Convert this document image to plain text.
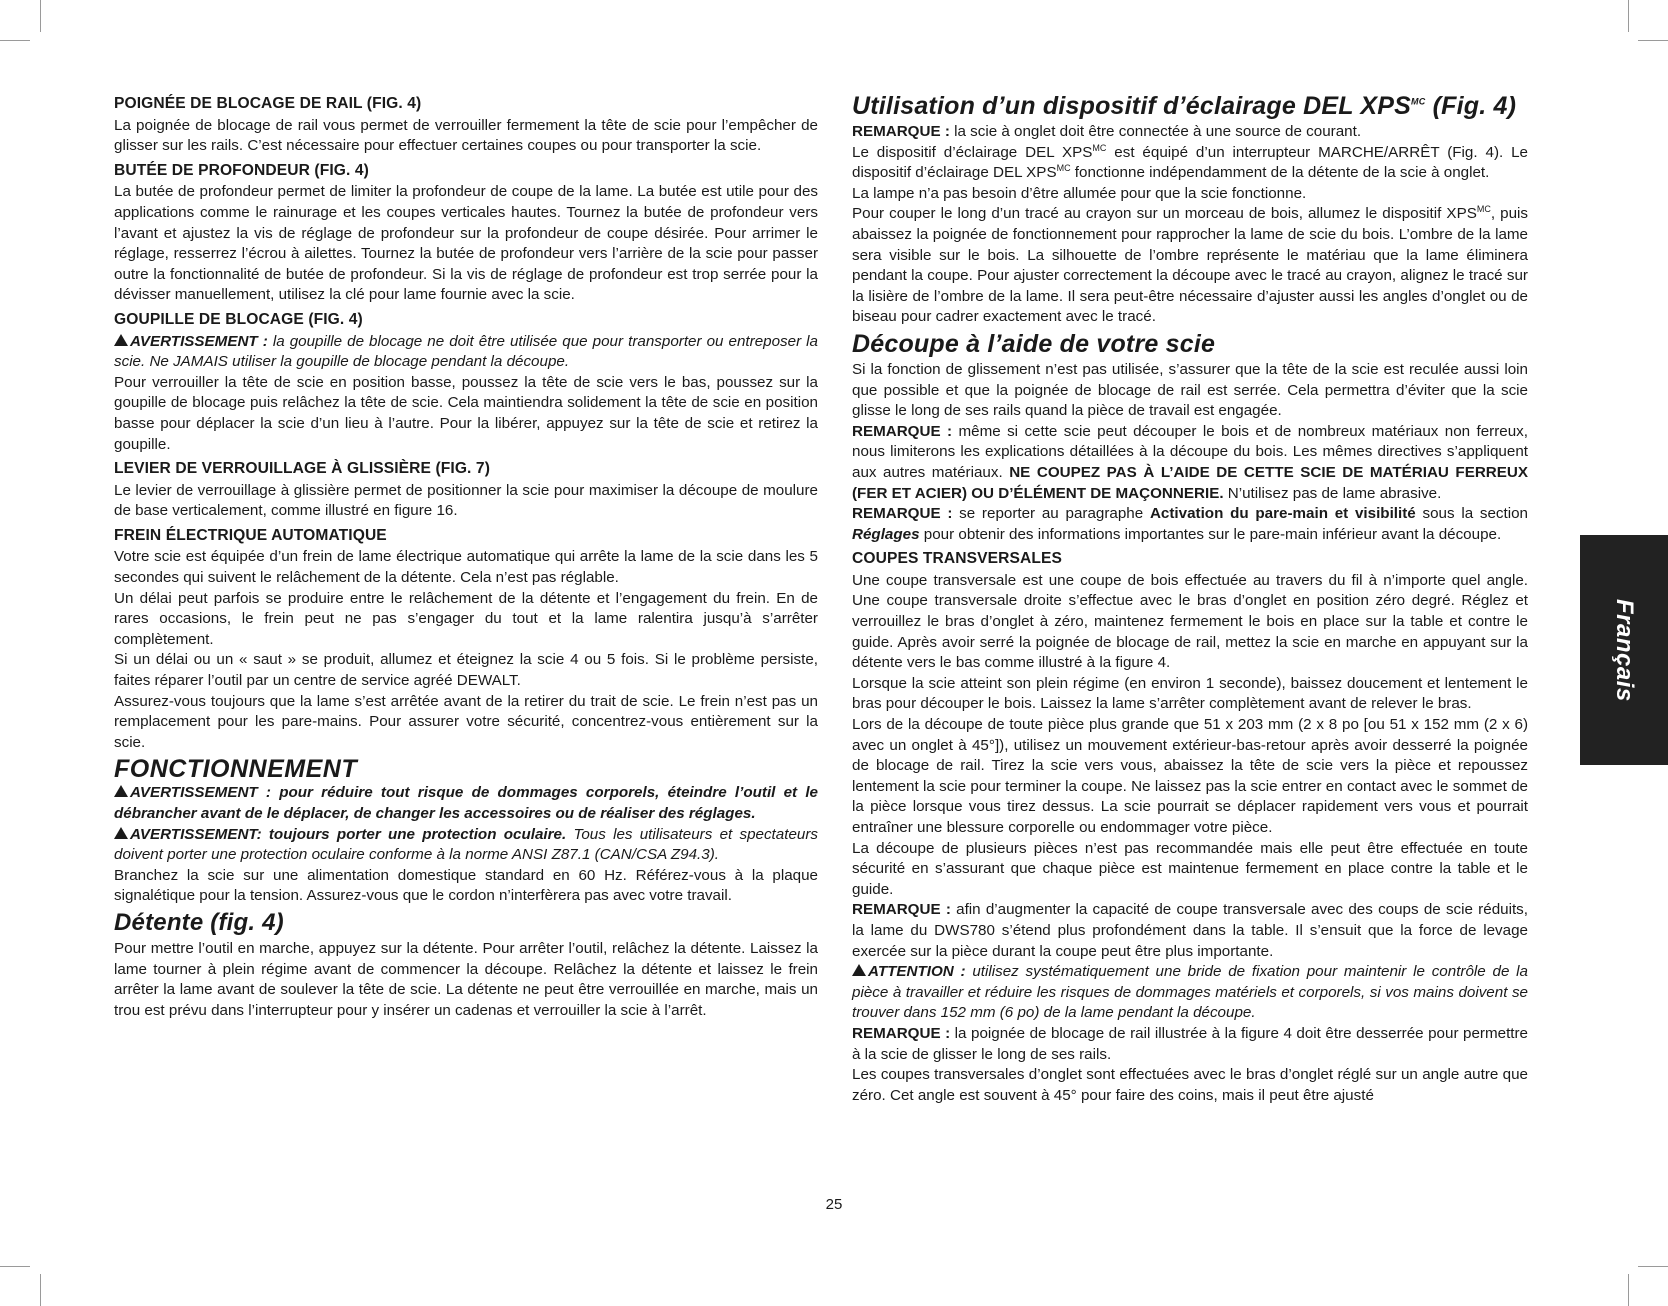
POIGNÉE DE BLOCAGE DE RAIL (FIG. 4)

La poignée de blocage de rail vous permet de verrouiller fermement la tête de scie pour l’empêcher de glisser sur les rails. C’est nécessaire pour effectuer certaines coupes ou pour transporter la scie.

BUTÉE DE PROFONDEUR (FIG. 4)

La butée de profondeur permet de limiter la profondeur de coupe de la lame. La butée est utile pour des applications comme le rainurage et les coupes verticales hautes. Tournez la butée de profondeur vers l’avant et ajustez la vis de réglage de profondeur sur la profondeur de coupe désirée. Pour arrimer le réglage, resserrez l’écrou à ailettes. Tournez la butée de profondeur vers l’arrière de la scie pour passer outre la fonctionnalité de butée de profondeur. Si la vis de réglage de profondeur est trop serrée pour la dévisser manuellement, utilisez la clé pour lame fournie avec la scie.

GOUPILLE DE BLOCAGE (FIG. 4)

AVERTISSEMENT : la goupille de blocage ne doit être utilisée que pour transporter ou entreposer la scie. Ne JAMAIS utiliser la goupille de blocage pendant la découpe.

Pour verrouiller la tête de scie en position basse, poussez la tête de scie vers le bas, poussez sur la goupille de blocage puis relâchez la tête de scie. Cela maintiendra solidement la tête de scie en position basse pour déplacer la scie d’un lieu à l’autre. Pour la libérer, appuyez sur la tête de scie et retirez la goupille.

LEVIER DE VERROUILLAGE À GLISSIÈRE (FIG. 7)

Le levier de verrouillage à glissière permet de positionner la scie pour maximiser la découpe de moulure de base verticalement, comme illustré en figure 16.

FREIN ÉLECTRIQUE AUTOMATIQUE

Votre scie est équipée d’un frein de lame électrique automatique qui arrête la lame de la scie dans les 5 secondes qui suivent le relâchement de la détente. Cela n’est pas réglable.

Un délai peut parfois se produire entre le relâchement de la détente et l’engagement du frein. En de rares occasions, le frein peut ne pas s’engager du tout et la lame ralentira jusqu’à s’arrêter complètement.

Si un délai ou un « saut » se produit, allumez et éteignez la scie 4 ou 5 fois. Si le problème persiste, faites réparer l’outil par un centre de service agréé DEWALT.

Assurez-vous toujours que la lame s’est arrêtée avant de la retirer du trait de scie. Le frein n’est pas un remplacement pour les pare-mains. Pour assurer votre sécurité, concentrez-vous entièrement sur la scie.

FONCTIONNEMENT

AVERTISSEMENT : pour réduire tout risque de dommages corporels, éteindre l’outil et le débrancher avant de le déplacer, de changer les accessoires ou de réaliser des réglages.

AVERTISSEMENT: toujours porter une protection oculaire. Tous les utilisateurs et spectateurs doivent porter une protection oculaire conforme à la norme ANSI Z87.1 (CAN/CSA Z94.3).

Branchez la scie sur une alimentation domestique standard en 60 Hz. Référez-vous à la plaque signalétique pour la tension. Assurez-vous que le cordon n’interfèrera pas avec votre travail.

Détente (fig. 4)

Pour mettre l’outil en marche, appuyez sur la détente. Pour arrêter l’outil, relâchez la détente. Laissez la lame tourner à plein régime avant de commencer la découpe. Relâchez la détente et laissez le frein arrêter la lame avant de soulever la tête de scie. La détente ne peut être verrouillée en marche, mais un trou est prévu dans l’interrupteur pour y insérer un cadenas et verrouiller la scie à l’arrêt.

Utilisation d’un dispositif d’éclairage DEL $XPS^{MC}$ (Fig. 4)

REMARQUE : la scie à onglet doit être connectée à une source de courant.

Le dispositif d’éclairage DEL $XPS^{MC}$ est équipé d’un interrupteur MARCHE/ARRÊT (Fig. 4). Le dispositif d’éclairage DEL $XPS^{MC}$ fonctionne indépendamment de la détente de la scie à onglet.

La lampe n’a pas besoin d’être allumée pour que la scie fonctionne.

Pour couper le long d’un tracé au crayon sur un morceau de bois, allumez le dispositif $XPS^{MC}$, puis abaissez la poignée de fonctionnement pour rapprocher la lame de scie du bois. L’ombre de la lame sera visible sur le bois. La silhouette de l’ombre représente le matériau que la lame éliminera pendant la coupe. Pour ajuster correctement la découpe avec le tracé au crayon, alignez le tracé sur la lisière de l’ombre de la lame. Il sera peut-être nécessaire d’ajuster aussi les angles d’onglet ou de biseau pour cadrer exactement avec le tracé.

Découpe à l’aide de votre scie

Si la fonction de glissement n’est pas utilisée, s’assurer que la tête de la scie est reculée aussi loin que possible et que la poignée de blocage de rail est serrée. Cela permettra d’éviter que la scie glisse le long de ses rails quand la pièce de travail est engagée.

REMARQUE : même si cette scie peut découper le bois et de nombreux matériaux non ferreux, nous limiterons les explications détaillées à la découpe du bois. Les mêmes directives s’appliquent aux autres matériaux. NE COUPEZ PAS À L’AIDE DE CETTE SCIE DE MATÉRIAU FERREUX (FER ET ACIER) OU D’ÉLÉMENT DE MAÇONNERIE. N’utilisez pas de lame abrasive.

REMARQUE : se reporter au paragraphe Activation du pare-main et visibilité sous la section Réglages pour obtenir des informations importantes sur le pare-main inférieur avant la découpe.

COUPES TRANSVERSALES

Une coupe transversale est une coupe de bois effectuée au travers du fil à n’importe quel angle. Une coupe transversale droite s’effectue avec le bras d’onglet en position zéro degré. Réglez et verrouillez le bras d’onglet à zéro, maintenez fermement le bois en place sur la table et contre le guide. Après avoir serré la poignée de blocage de rail, mettez la scie en marche en appuyant sur la détente vers le bas comme illustré à la figure 4.

Lorsque la scie atteint son plein régime (en environ 1 seconde), baissez doucement et lentement le bras pour découper le bois. Laissez la lame s’arrêter complètement avant de relever le bras.

Lors de la découpe de toute pièce plus grande que 51 x 203 mm (2 x 8 po [ou 51 x 152 mm (2 x 6) avec un onglet à 45°]), utilisez un mouvement extérieur-bas-retour après avoir desserré la poignée de blocage de rail. Tirez la scie vers vous, abaissez la tête de scie vers la pièce et repoussez lentement la scie pour terminer la coupe. Ne laissez pas la scie entrer en contact avec le sommet de la pièce lorsque vous tirez dessus. La scie pourrait se déplacer rapidement vers vous et pourrait entraîner une blessure corporelle ou endommager votre pièce.

La découpe de plusieurs pièces n’est pas recommandée mais elle peut être effectuée en toute sécurité en s’assurant que chaque pièce est maintenue fermement en place contre la table et le guide.

REMARQUE : afin d’augmenter la capacité de coupe transversale avec des coups de scie réduits, la lame du DWS780 s’étend plus profondément dans la table. Il s’ensuit que la force de levage exercée sur la pièce durant la coupe peut être plus importante.

ATTENTION : utilisez systématiquement une bride de fixation pour maintenir le contrôle de la pièce à travailler et réduire les risques de dommages matériels et corporels, si vos mains doivent se trouver dans 152 mm (6 po) de la lame pendant la découpe.

REMARQUE : la poignée de blocage de rail illustrée à la figure 4 doit être desserrée pour permettre à la scie de glisser le long de ses rails.

Les coupes transversales d’onglet sont effectuées avec le bras d’onglet réglé sur un angle autre que zéro. Cet angle est souvent à 45° pour faire des coins, mais il peut être ajusté

Français
25
